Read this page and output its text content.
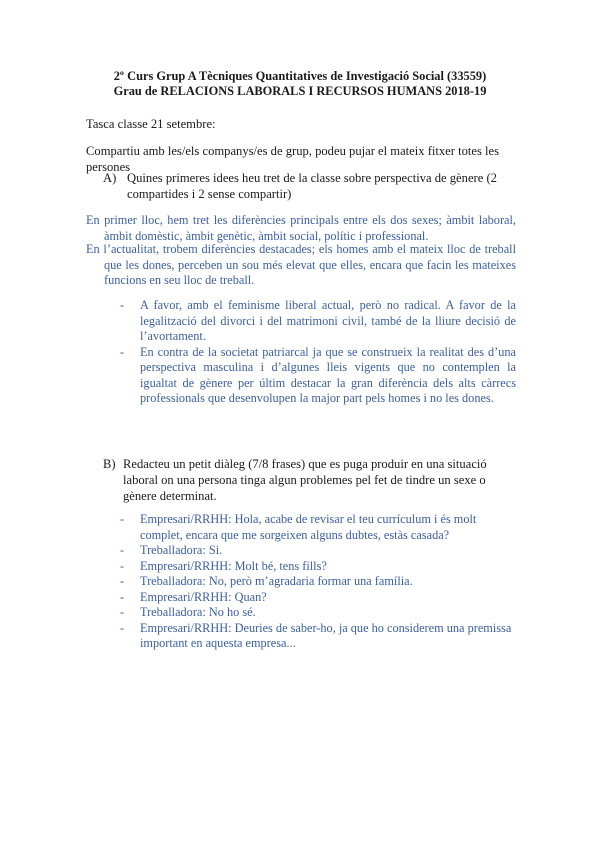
2º Curs Grup A Tècniques Quantitatives de Investigació Social (33559)
Grau de RELACIONS LABORALS I RECURSOS HUMANS 2018-19
Tasca classe 21 setembre:
Compartiu amb les/els companys/es de grup, podeu pujar el mateix fitxer totes les persones
A) Quines primeres idees heu tret de la classe sobre perspectiva de gènere (2 compartides i 2 sense compartir)

En primer lloc, hem tret les diferències principals entre els dos sexes; àmbit laboral, àmbit domèstic, àmbit genètic, àmbit social, polític i professional.

En l’actualitat, trobem diferències destacades; els homes amb el mateix lloc de treball que les dones, perceben un sou més elevat que elles, encara que facin les mateixes funcions en seu lloc de treball.

- A favor, amb el feminisme liberal actual, però no radical. A favor de la legalització del divorci i del matrimoni civil, també de la lliure decisió de l’avortament.
- En contra de la societat patriarcal ja que se construeix la realitat des d’una perspectiva masculina i d’algunes lleis vigents que no contemplen la igualtat de gènere per últim destacar la gran diferència dels alts càrrecs professionals que desenvolupen la major part pels homes i no les dones.
B) Redacteu un petit diàleg (7/8 frases) que es puga produir en una situació laboral on una persona tinga algun problemes pel fet de tindre un sexe o gènere determinat.
- Empresari/RRHH: Hola, acabe de revisar el teu currículum i és molt complet, encara que me sorgeixen alguns dubtes, estàs casada?
- Treballadora: Si.
- Empresari/RRHH: Molt bé, tens fills?
- Treballadora: No, però m’agradaria formar una família.
- Empresari/RRHH: Quan?
- Treballadora: No ho sé.
- Empresari/RRHH: Deuries de saber-ho, ja que ho considerem una premissa important en aquesta empresa...
